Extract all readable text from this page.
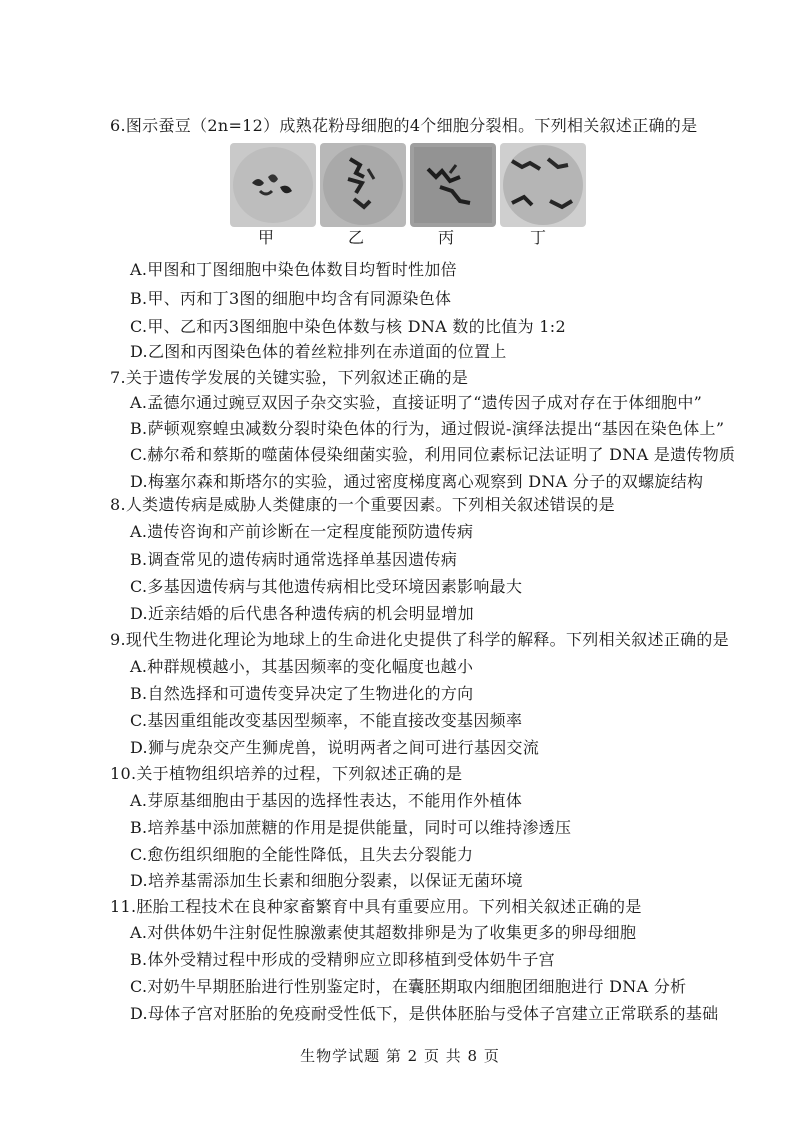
6.图示蚕豆（2n=12）成熟花粉母细胞的4个细胞分裂相。下列相关叙述正确的是
甲	乙	丙	丁
A.甲图和丁图细胞中染色体数目均暂时性加倍
B.甲、丙和丁3图的细胞中均含有同源染色体
C.甲、乙和丙3图细胞中染色体数与核 DNA 数的比值为 1:2
D.乙图和丙图染色体的着丝粒排列在赤道面的位置上
7.关于遗传学发展的关键实验，下列叙述正确的是
A.孟德尔通过豌豆双因子杂交实验，直接证明了“遗传因子成对存在于体细胞中”
B.萨顿观察蝗虫减数分裂时染色体的行为，通过假说-演绎法提出“基因在染色体上”
C.赫尔希和蔡斯的噬菌体侵染细菌实验，利用同位素标记法证明了 DNA 是遗传物质
D.梅塞尔森和斯塔尔的实验，通过密度梯度离心观察到 DNA 分子的双螺旋结构
8.人类遗传病是威胁人类健康的一个重要因素。下列相关叙述错误的是
A.遗传咨询和产前诊断在一定程度能预防遗传病
B.调查常见的遗传病时通常选择单基因遗传病
C.多基因遗传病与其他遗传病相比受环境因素影响最大
D.近亲结婚的后代患各种遗传病的机会明显增加
9.现代生物进化理论为地球上的生命进化史提供了科学的解释。下列相关叙述正确的是
A.种群规模越小，其基因频率的变化幅度也越小
B.自然选择和可遗传变异决定了生物进化的方向
C.基因重组能改变基因型频率，不能直接改变基因频率
D.狮与虎杂交产生狮虎兽，说明两者之间可进行基因交流
10.关于植物组织培养的过程，下列叙述正确的是
A.芽原基细胞由于基因的选择性表达，不能用作外植体
B.培养基中添加蔗糖的作用是提供能量，同时可以维持渗透压
C.愈伤组织细胞的全能性降低，且失去分裂能力
D.培养基需添加生长素和细胞分裂素，以保证无菌环境
11.胚胎工程技术在良种家畜繁育中具有重要应用。下列相关叙述正确的是
A.对供体奶牛注射促性腺激素使其超数排卵是为了收集更多的卵母细胞
B.体外受精过程中形成的受精卵应立即移植到受体奶牛子宫
C.对奶牛早期胚胎进行性别鉴定时，在囊胚期取内细胞团细胞进行 DNA 分析
D.母体子宫对胚胎的免疫耐受性低下，是供体胚胎与受体子宫建立正常联系的基础
生物学试题 第 2 页 共 8 页
